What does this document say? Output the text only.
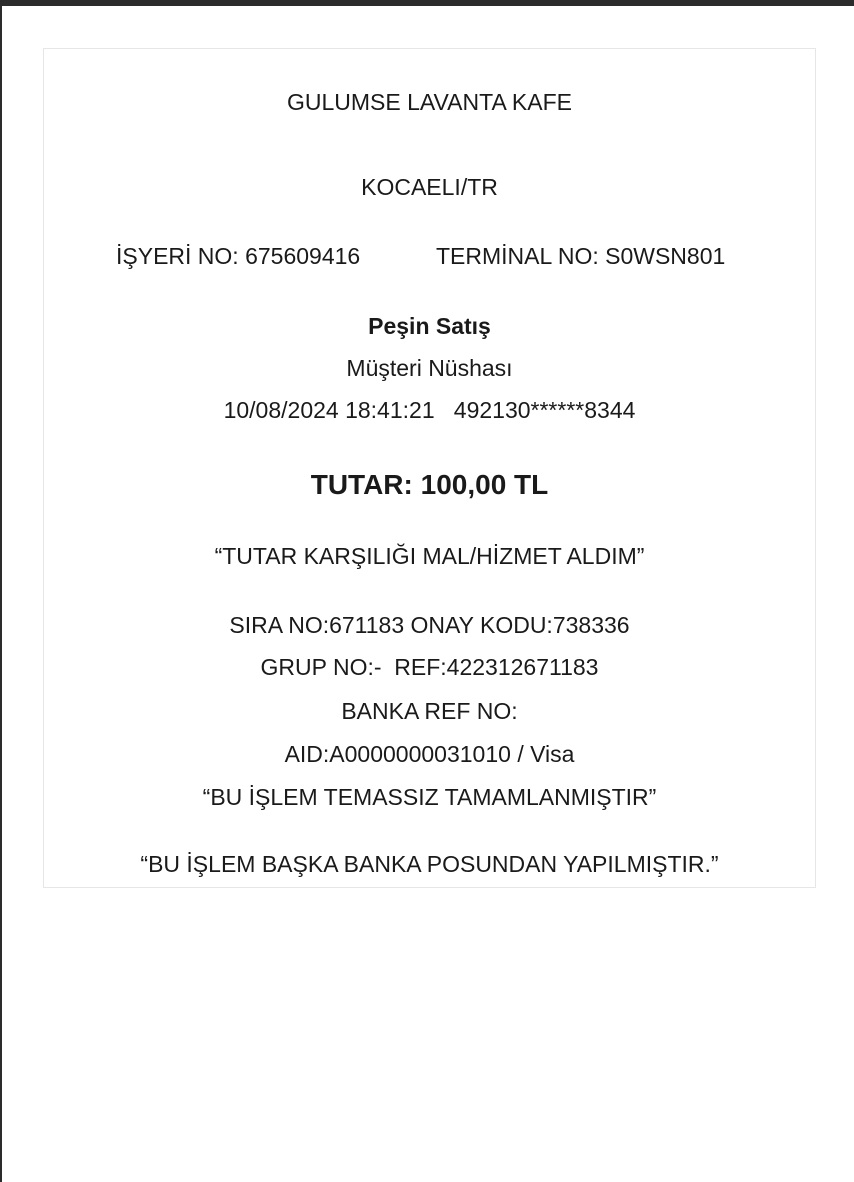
GULUMSE LAVANTA KAFE
KOCAELI/TR
İŞYERİ NO: 675609416	TERMİNAL NO: S0WSN801
Peşin Satış
Müşteri Nüshası
10/08/2024 18:41:21   492130******8344
TUTAR: 100,00 TL
“TUTAR KARŞILIĞI MAL/HİZMET ALDIM”
SIRA NO:671183 ONAY KODU:738336
GRUP NO:-  REF:422312671183
BANKA REF NO:
AID:A0000000031010 / Visa
“BU İŞLEM TEMASSIZ TAMAMLANMIŞTIR”
“BU İŞLEM BAŞKA BANKA POSUNDAN YAPILMIŞTIR.”
